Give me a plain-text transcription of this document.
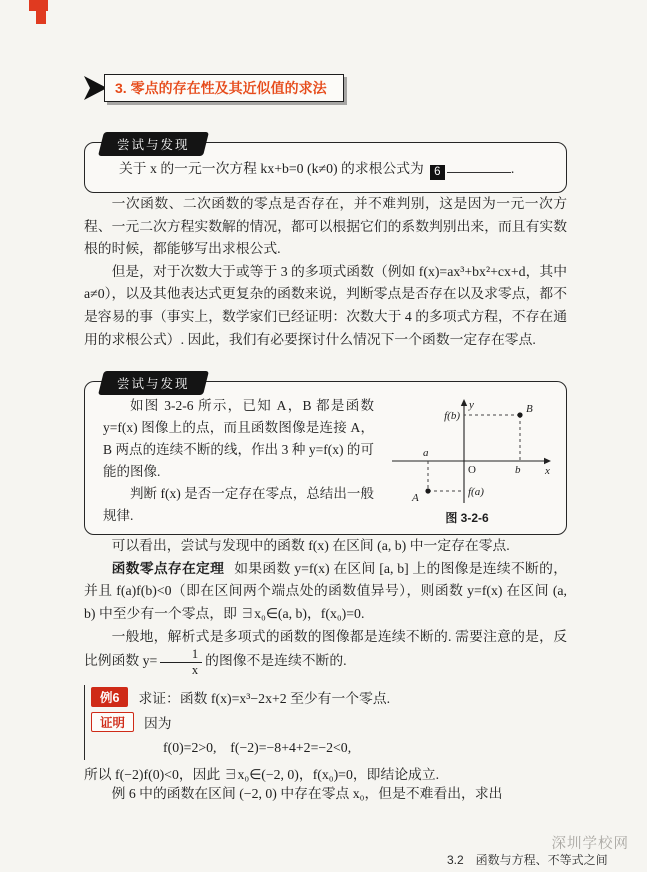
3. 零点的存在性及其近似值的求法
尝试与发现
关于 x 的一元一次方程 kx+b=0 (k≠0) 的求根公式为 6	.

一次函数、二次函数的零点是否存在，并不难判别，这是因为一元一次方程、一元二次方程实数解的情况，都可以根据它们的系数判别出来，而且有实数根的时候，都能够写出求根公式.

但是，对于次数大于或等于 3 的多项式函数（例如 f(x)=ax³+bx²+cx+d，其中 a≠0），以及其他表达式更复杂的函数来说，判断零点是否存在以及求零点，都不是容易的事（事实上，数学家们已经证明：次数大于 4 的多项式方程，不存在通用的求根公式）. 因此，我们有必要探讨什么情况下一个函数一定存在零点.

尝试与发现

如图 3-2-6 所示，已知 A，B 都是函数 y=f(x) 图像上的点，而且函数图像是连接 A，B 两点的连续不断的线，作出 3 种 y=f(x) 的可能的图像.

判断 f(x) 是否一定存在零点，总结出一般规律.

y
x
O
a
b
B
A
f(b)
f(a)
图 3-2-6

可以看出，尝试与发现中的函数 f(x) 在区间 (a, b) 中一定存在零点.

函数零点存在定理 如果函数 y=f(x) 在区间 [a, b] 上的图像是连续不断的，并且 f(a)f(b)<0（即在区间两个端点处的函数值异号），则函数 y=f(x) 在区间 (a, b) 中至少有一个零点，即 ∃x₀∈(a, b)，f(x₀)=0.

一般地，解析式是多项式的函数的图像都是连续不断的. 需要注意的是，反比例函数 $y= \frac{1}{x}$ 的图像不是连续不断的.

例6	求证：函数 f(x)=x³−2x+2 至少有一个零点.
证明	因为
f(0)=2>0,　f(−2)=−8+4+2=−2<0,
所以 f(−2)f(0)<0，因此 ∃x₀∈(−2, 0)，f(x₀)=0，即结论成立.

例 6 中的函数在区间 (−2, 0) 中存在零点 x₀，但是不难看出，求出

3.2　函数与方程、不等式之间
深圳学校网
